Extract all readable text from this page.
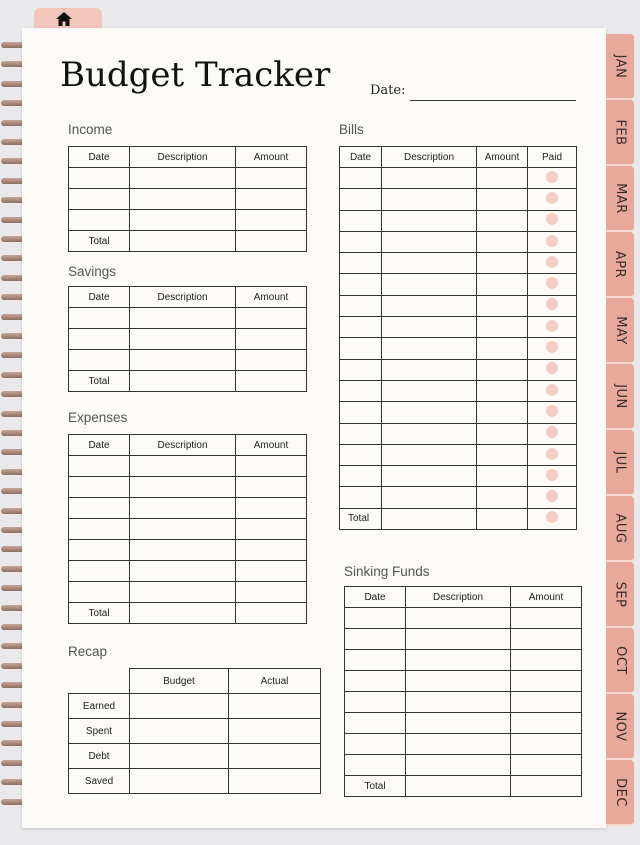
JAN
FEB
MAR
APR
MAY
JUN
JUL
AUG
SEP
OCT
NOV
DEC
Budget Tracker	Date:
Income
Date	Description	Amount

Total		
Savings
Date	Description	Amount

Total		
Expenses
Date	Description	Amount

Total		
Recap
	Budget	Actual
Earned		
Spent		
Debt		
Saved		
Bills
Date	Description	Amount	Paid

Total			
Sinking Funds
Date	Description	Amount

Total		
